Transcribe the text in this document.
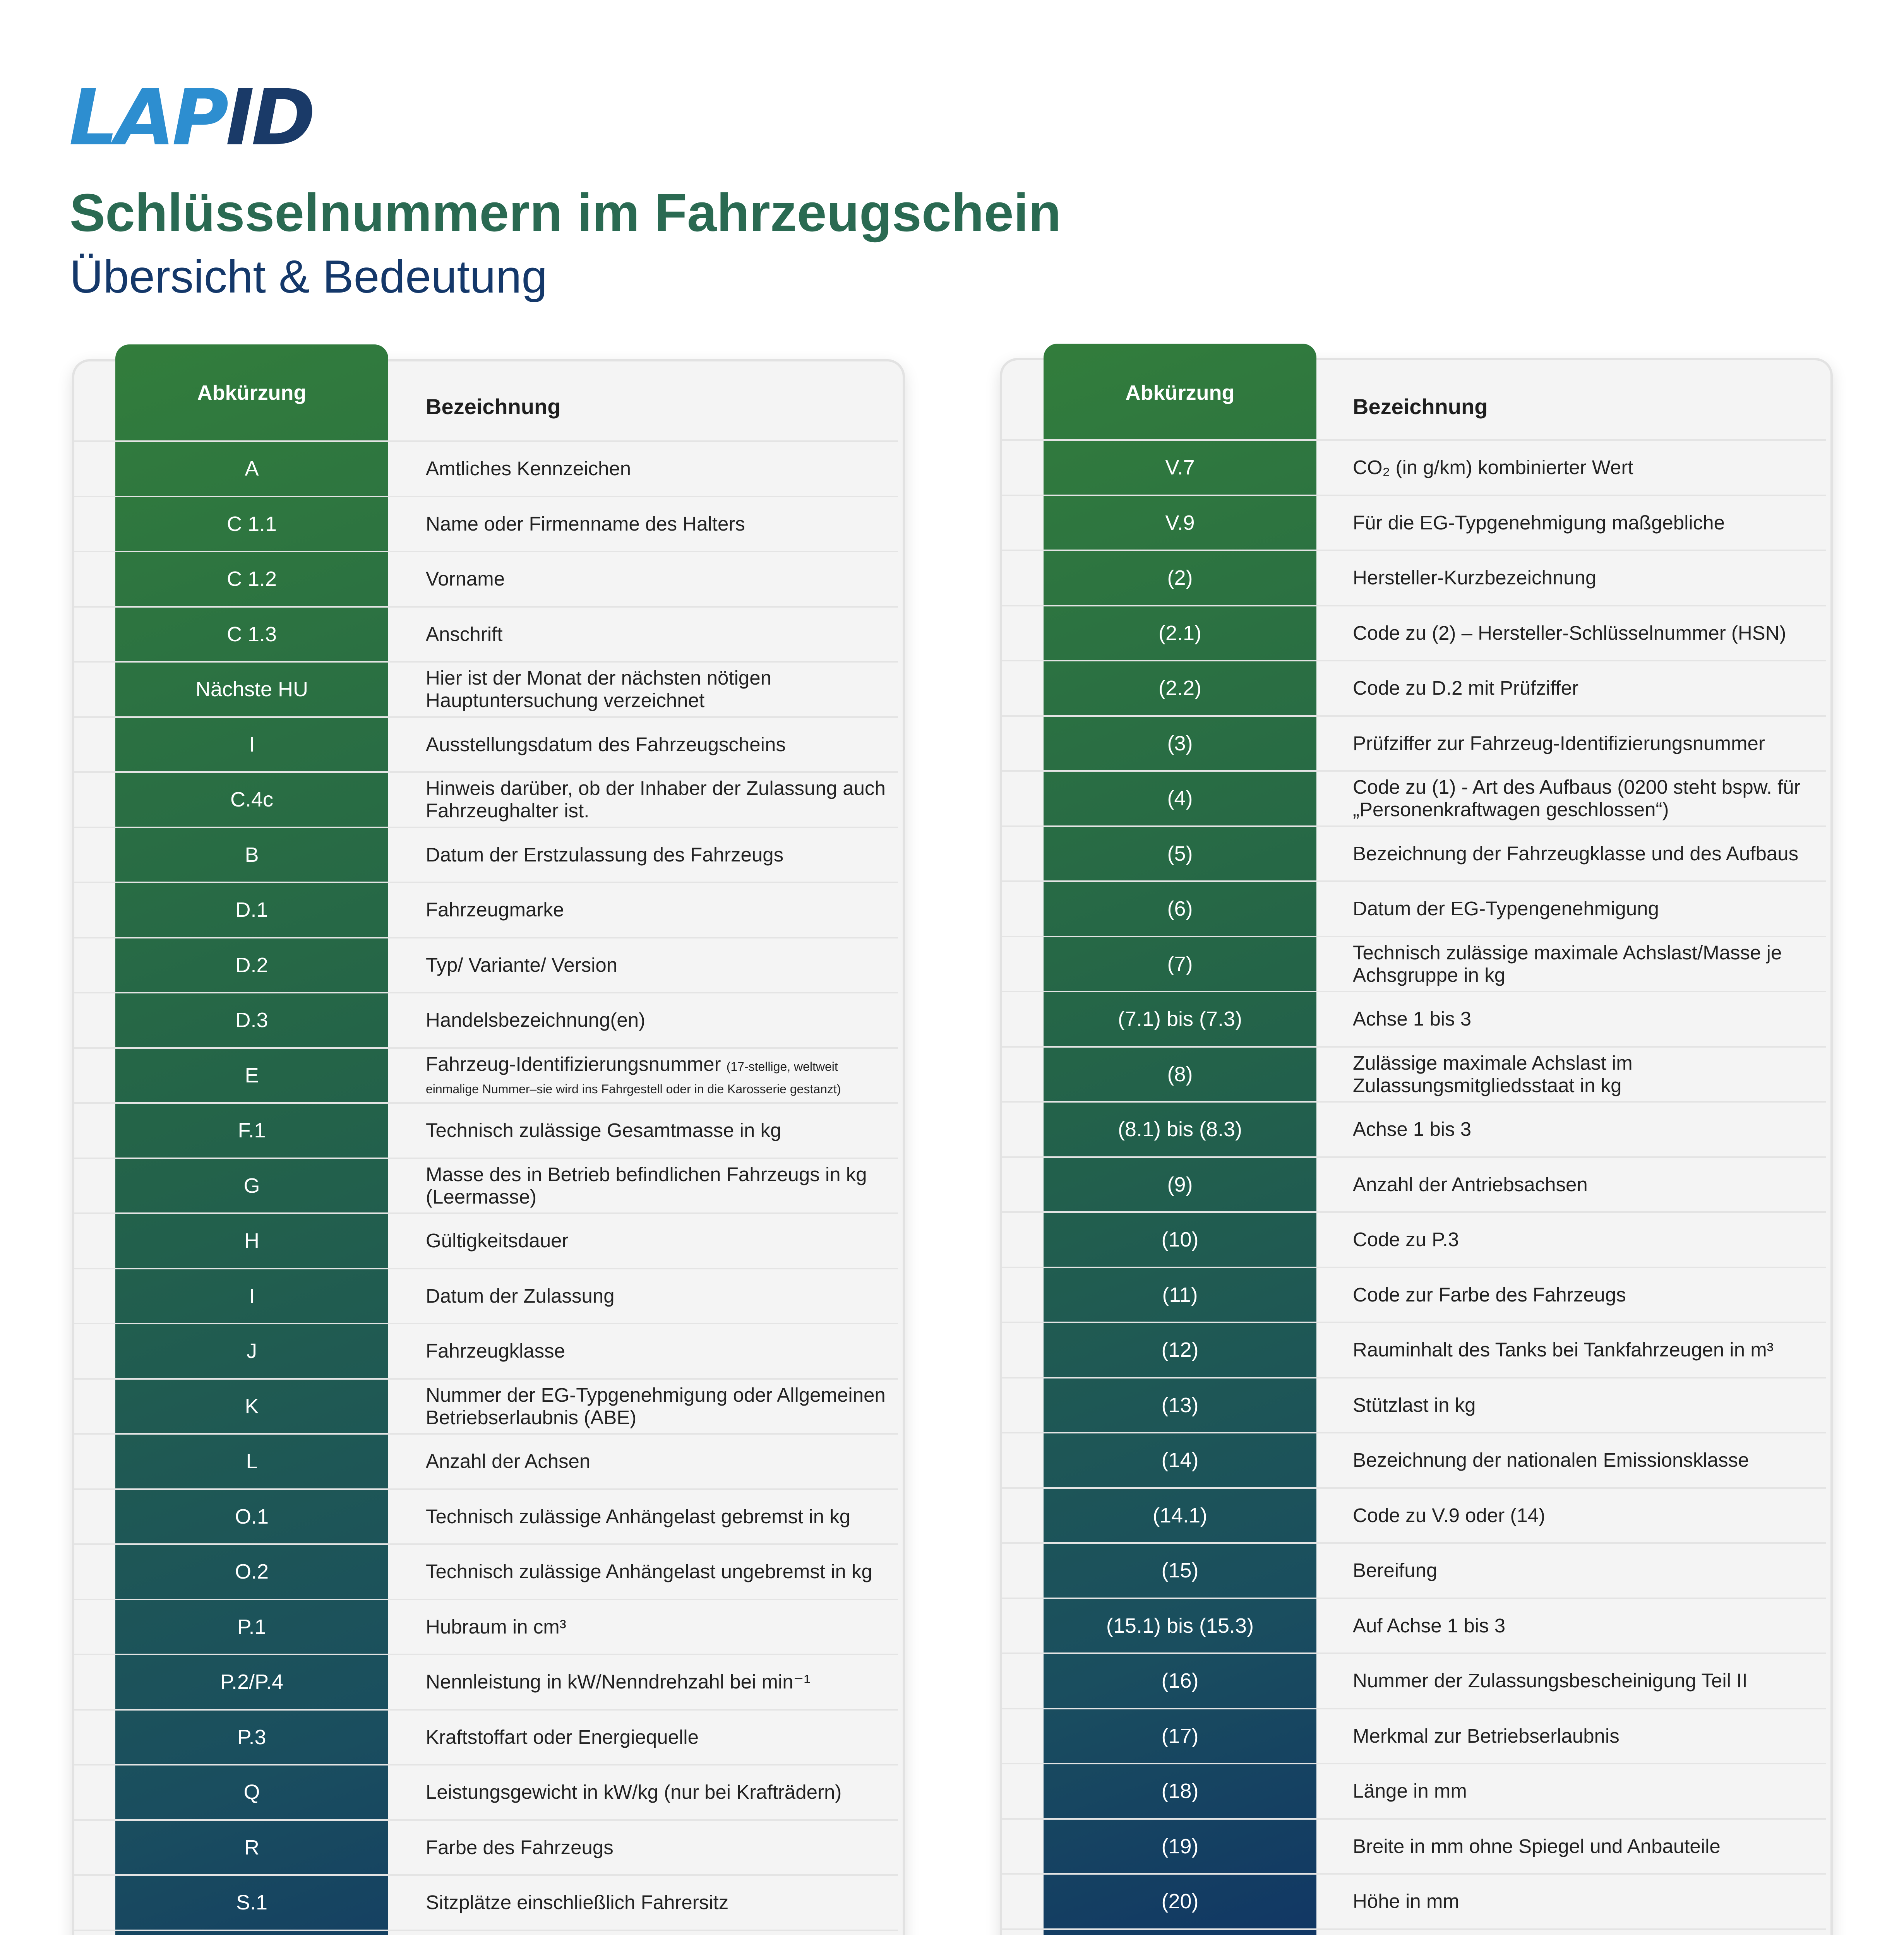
LAPID
Schlüsselnummern im Fahrzeugschein
Übersicht & Bedeutung
Abkürzung
Bezeichnung
A	Amtliches Kennzeichen
C 1.1	Name oder Firmenname des Halters
C 1.2	Vorname
C 1.3	Anschrift
Nächste HU	Hier ist der Monat der nächsten nötigen Hauptuntersuchung verzeichnet
I	Ausstellungsdatum des Fahrzeugscheins
C.4c	Hinweis darüber, ob der Inhaber der Zulassung auch Fahrzeughalter ist.
B	Datum der Erstzulassung des Fahrzeugs
D.1	Fahrzeugmarke
D.2	Typ/ Variante/ Version
D.3	Handelsbezeichnung(en)
E	Fahrzeug-Identifizierungsnummer (17-stellige, weltweit einmalige Nummer–sie wird ins Fahrgestell oder in die Karosserie gestanzt)
F.1	Technisch zulässige Gesamtmasse in kg
G	Masse des in Betrieb befindlichen Fahrzeugs in kg (Leermasse)
H	Gültigkeitsdauer
I	Datum der Zulassung
J	Fahrzeugklasse
K	Nummer der EG-Typgenehmigung oder Allgemeinen Betriebserlaubnis (ABE)
L	Anzahl der Achsen
O.1	Technisch zulässige Anhängelast gebremst in kg
O.2	Technisch zulässige Anhängelast ungebremst in kg
P.1	Hubraum in cm³
P.2/P.4	Nennleistung in kW/Nenndrehzahl bei min⁻¹
P.3	Kraftstoffart oder Energiequelle
Q	Leistungsgewicht in kW/kg (nur bei Krafträdern)
R	Farbe des Fahrzeugs
S.1	Sitzplätze einschließlich Fahrersitz
Abkürzung
Bezeichnung
V.7	CO₂ (in g/km) kombinierter Wert
V.9	Für die EG-Typgenehmigung maßgebliche
(2)	Hersteller-Kurzbezeichnung
(2.1)	Code zu (2) – Hersteller-Schlüsselnummer (HSN)
(2.2)	Code zu D.2 mit Prüfziffer
(3)	Prüfziffer zur Fahrzeug-Identifizierungsnummer
(4)	Code zu (1) - Art des Aufbaus (0200 steht bspw. für „Personenkraftwagen geschlossen“)
(5)	Bezeichnung der Fahrzeugklasse und des Aufbaus
(6)	Datum der EG-Typengenehmigung
(7)	Technisch zulässige maximale Achslast/Masse je Achsgruppe in kg
(7.1) bis (7.3)	Achse 1 bis 3
(8)	Zulässige maximale Achslast im Zulassungsmitgliedsstaat in kg
(8.1) bis (8.3)	Achse 1 bis 3
(9)	Anzahl der Antriebsachsen
(10)	Code zu P.3
(11)	Code zur Farbe des Fahrzeugs
(12)	Rauminhalt des Tanks bei Tankfahrzeugen in m³
(13)	Stützlast in kg
(14)	Bezeichnung der nationalen Emissionsklasse
(14.1)	Code zu V.9 oder (14)
(15)	Bereifung
(15.1) bis (15.3)	Auf Achse 1 bis 3
(16)	Nummer der Zulassungsbescheinigung Teil II
(17)	Merkmal zur Betriebserlaubnis
(18)	Länge in mm
(19)	Breite in mm ohne Spiegel und Anbauteile
(20)	Höhe in mm
